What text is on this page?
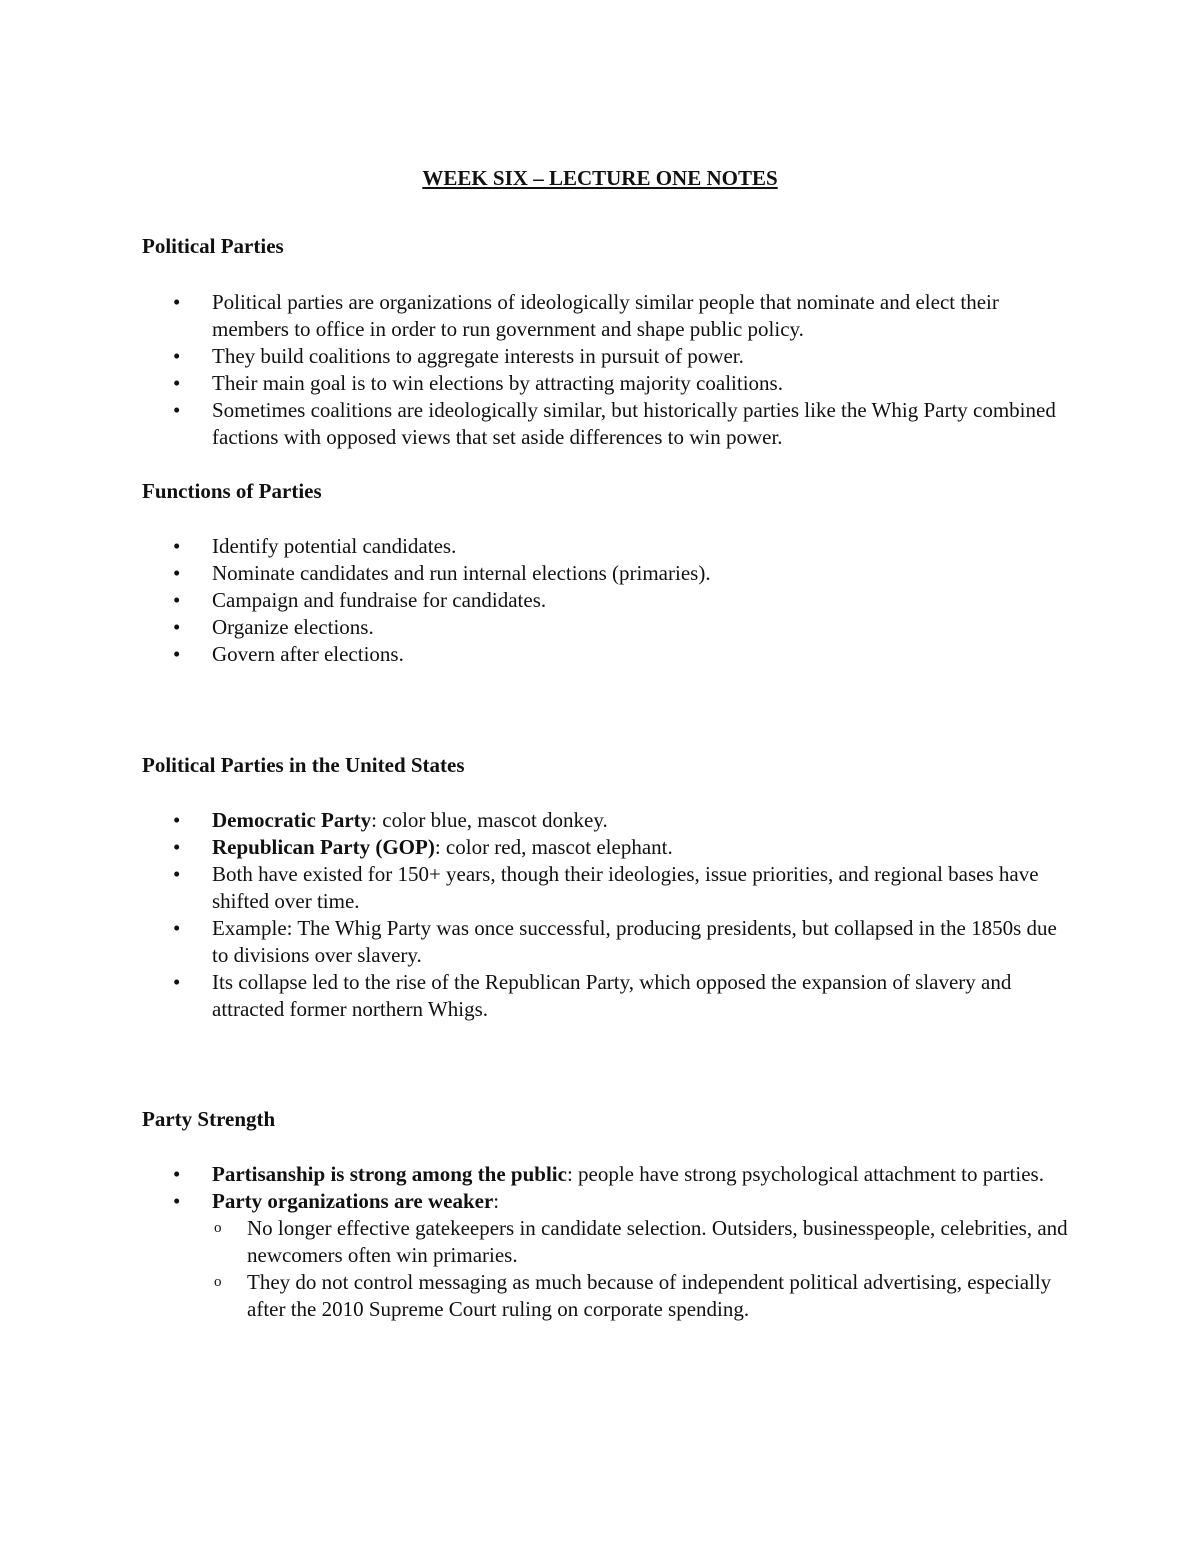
WEEK SIX – LECTURE ONE NOTES
Political Parties
• Political parties are organizations of ideologically similar people that nominate and elect their members to office in order to run government and shape public policy.
• They build coalitions to aggregate interests in pursuit of power.
• Their main goal is to win elections by attracting majority coalitions.
• Sometimes coalitions are ideologically similar, but historically parties like the Whig Party combined factions with opposed views that set aside differences to win power.
Functions of Parties
• Identify potential candidates.
• Nominate candidates and run internal elections (primaries).
• Campaign and fundraise for candidates.
• Organize elections.
• Govern after elections.
Political Parties in the United States
• Democratic Party: color blue, mascot donkey.
• Republican Party (GOP): color red, mascot elephant.
• Both have existed for 150+ years, though their ideologies, issue priorities, and regional bases have shifted over time.
• Example: The Whig Party was once successful, producing presidents, but collapsed in the 1850s due to divisions over slavery.
• Its collapse led to the rise of the Republican Party, which opposed the expansion of slavery and attracted former northern Whigs.
Party Strength
• Partisanship is strong among the public: people have strong psychological attachment to parties.
• Party organizations are weaker:
o No longer effective gatekeepers in candidate selection. Outsiders, businesspeople, celebrities, and newcomers often win primaries.
o They do not control messaging as much because of independent political advertising, especially after the 2010 Supreme Court ruling on corporate spending.
